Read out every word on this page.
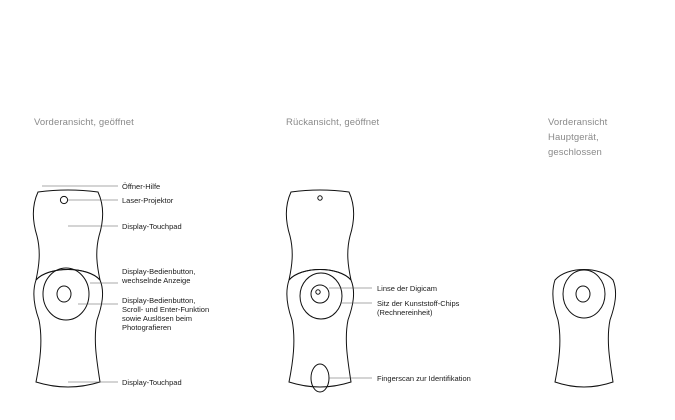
Vorderansicht, geöffnet	Rückansicht, geöffnet	Vorderansicht
Hauptgerät,
geschlossen
Öffner-Hilfe
Laser-Projektor
Display-Touchpad
Display-Bedienbutton,
wechselnde Anzeige
Display-Bedienbutton,
Scroll- und Enter-Funktion
sowie Auslösen beim
Photografieren
Display-Touchpad
Linse der Digicam
Sitz der Kunststoff-Chips
(Rechnereinheit)
Fingerscan zur Identifikation
